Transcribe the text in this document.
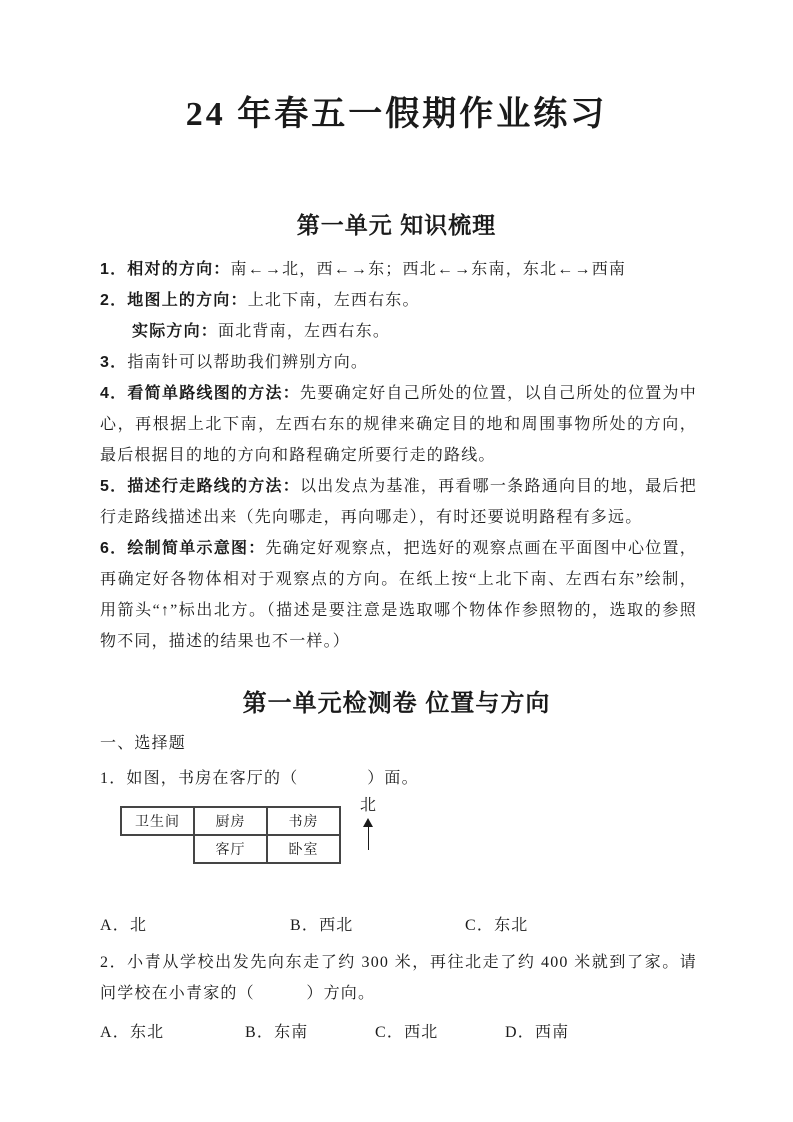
24 年春五一假期作业练习
第一单元 知识梳理

1．相对的方向：南←→北，西←→东；西北←→东南，东北←→西南

2．地图上的方向：上北下南，左西右东。

实际方向：面北背南，左西右东。

3．指南针可以帮助我们辨别方向。

4．看简单路线图的方法：先要确定好自己所处的位置，以自己所处的位置为中心，再根据上北下南，左西右东的规律来确定目的地和周围事物所处的方向，最后根据目的地的方向和路程确定所要行走的路线。

5．描述行走路线的方法：以出发点为基准，再看哪一条路通向目的地，最后把行走路线描述出来（先向哪走，再向哪走），有时还要说明路程有多远。

6．绘制简单示意图：先确定好观察点，把选好的观察点画在平面图中心位置，再确定好各物体相对于观察点的方向。在纸上按“上北下南、左西右东”绘制，用箭头“↑”标出北方。（描述是要注意是选取哪个物体作参照物的，选取的参照物不同，描述的结果也不一样。）

第一单元检测卷 位置与方向

一、选择题

1．如图，书房在客厅的（　　　　）面。

卫生间	厨房	书房
	客厅	卧室
北

A．北	B．西北	C．东北

2．小青从学校出发先向东走了约 300 米，再往北走了约 400 米就到了家。请问学校在小青家的（　　　）方向。

A．东北	B．东南	C．西北	D．西南
